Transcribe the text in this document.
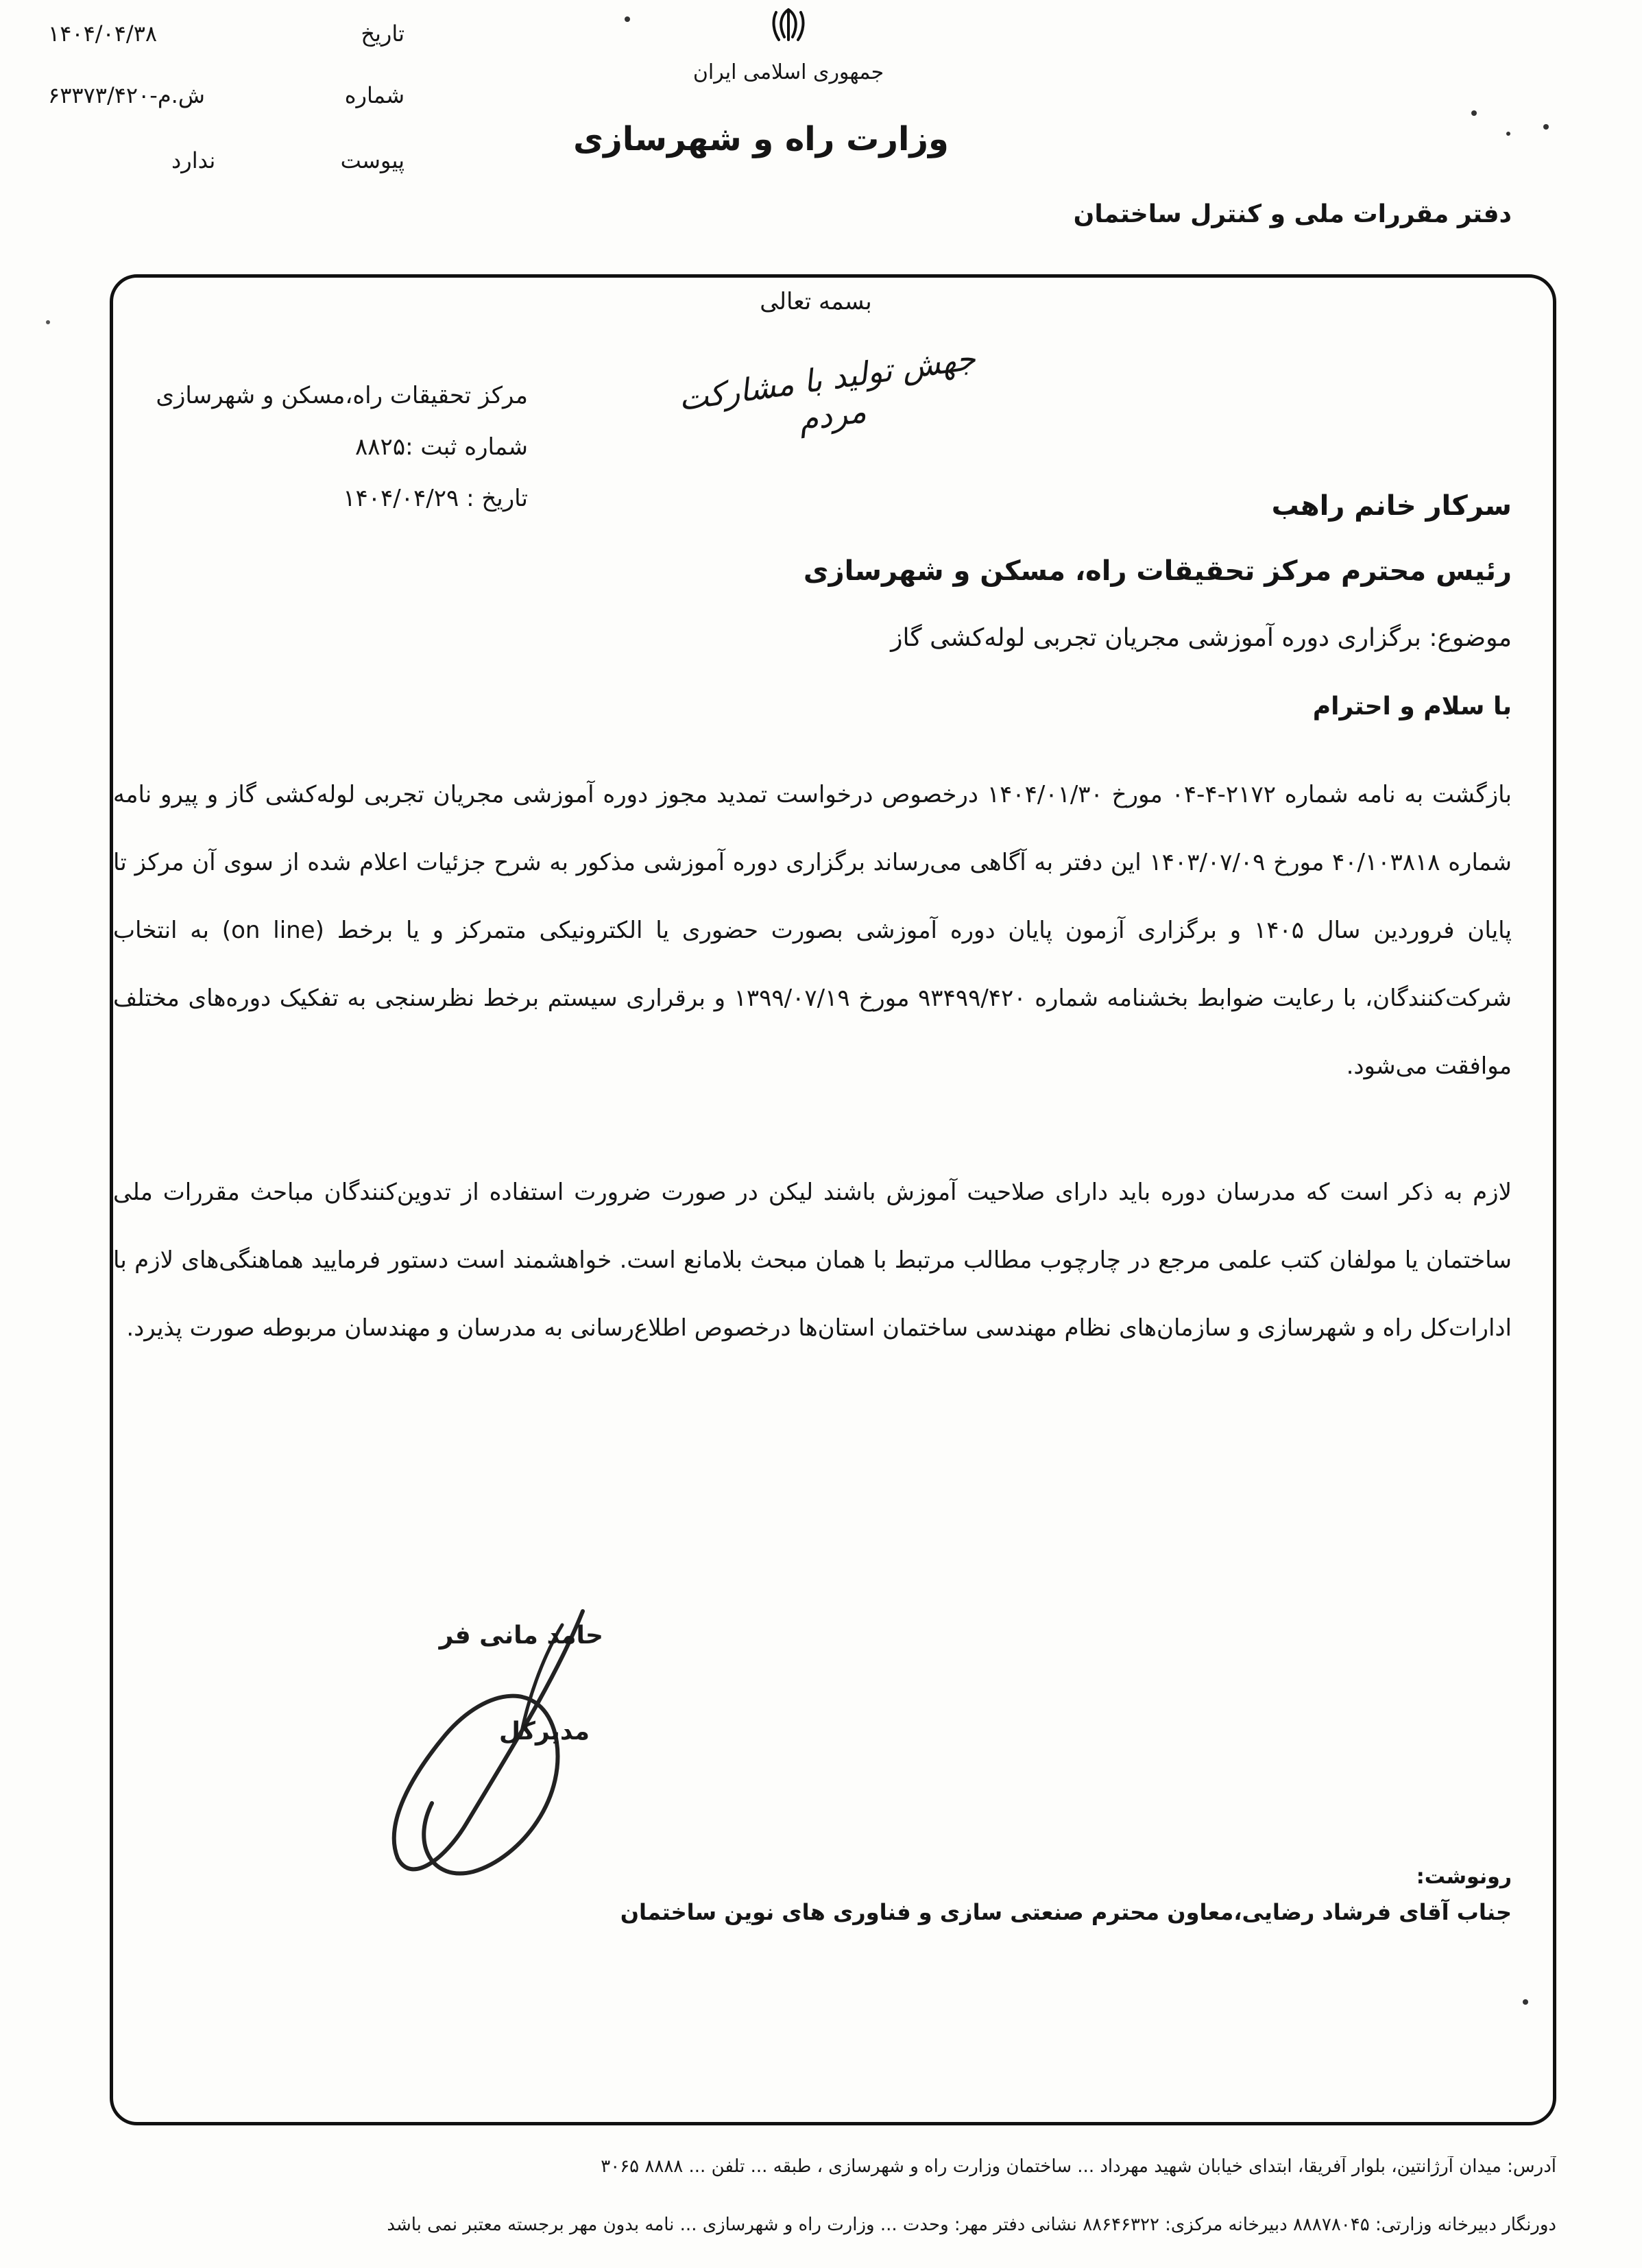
جمهوری اسلامی ایران
وزارت راه و شهرسازی
تاریخ
۱۴۰۴/۰۴/۳۸
شماره
۶۳۳۷۳/۴۲۰-ش.م
پیوست
ندارد
دفتر مقررات ملی و کنترل ساختمان
بسمه تعالی
جهش تولید با مشارکت مردم
مرکز تحقیقات راه،مسکن و شهرسازی
شماره ثبت :۸۸۲۵
تاریخ : ۱۴۰۴/۰۴/۲۹	سرکار خانم راهب
رئیس محترم مرکز تحقیقات راه، مسکن و شهرسازی
موضوع: برگزاری دوره آموزشی مجریان تجربی لوله‌کشی گاز
با سلام و احترام
بازگشت به نامه شماره ۲۱۷۲-۴-۰۴ مورخ ۱۴۰۴/۰۱/۳۰ درخصوص درخواست تمدید مجوز دوره آموزشی مجریان تجربی لوله‌کشی گاز و پیرو نامه شماره ۴۰/۱۰۳۸۱۸ مورخ ۱۴۰۳/۰۷/۰۹ این دفتر به آگاهی می‌رساند برگزاری دوره آموزشی مذکور به شرح جزئیات اعلام شده از سوی آن مرکز تا پایان فروردین سال ۱۴۰۵ و برگزاری آزمون پایان دوره آموزشی بصورت حضوری یا الکترونیکی متمرکز و یا برخط (on line) به انتخاب شرکت‌کنندگان، با رعایت ضوابط بخشنامه شماره ۹۳۴۹۹/۴۲۰ مورخ ۱۳۹۹/۰۷/۱۹ و برقراری سیستم برخط نظرسنجی به تفکیک دوره‌های مختلف موافقت می‌شود.
لازم به ذکر است که مدرسان دوره باید دارای صلاحیت آموزش باشند لیکن در صورت ضرورت استفاده از تدوین‌کنندگان مباحث مقررات ملی ساختمان یا مولفان کتب علمی مرجع در چارچوب مطالب مرتبط با همان مبحث بلامانع است. خواهشمند است دستور فرمایید هماهنگی‌های لازم با ادارات‌کل راه و شهرسازی و سازمان‌های نظام مهندسی ساختمان استان‌ها درخصوص اطلاع‌رسانی به مدرسان و مهندسان مربوطه صورت پذیرد.
حامد مانی فر
مدیرکل
رونوشت:
جناب آقای فرشاد رضایی،معاون محترم صنعتی سازی و فناوری های نوین ساختمان
آدرس: میدان آرژانتین، بلوار آفریقا، ابتدای خیابان شهید مهرداد ... ساختمان وزارت راه و شهرسازی ، طبقه ... تلفن ... ۸۸۸۸ ۳۰۶۵
دورنگار دبیرخانه وزارتی: ۸۸۸۷۸۰۴۵ دبیرخانه مرکزی: ۸۸۶۴۶۳۲۲ نشانی دفتر مهر: وحدت ... وزارت راه و شهرسازی ... نامه بدون مهر برجسته معتبر نمی باشد
